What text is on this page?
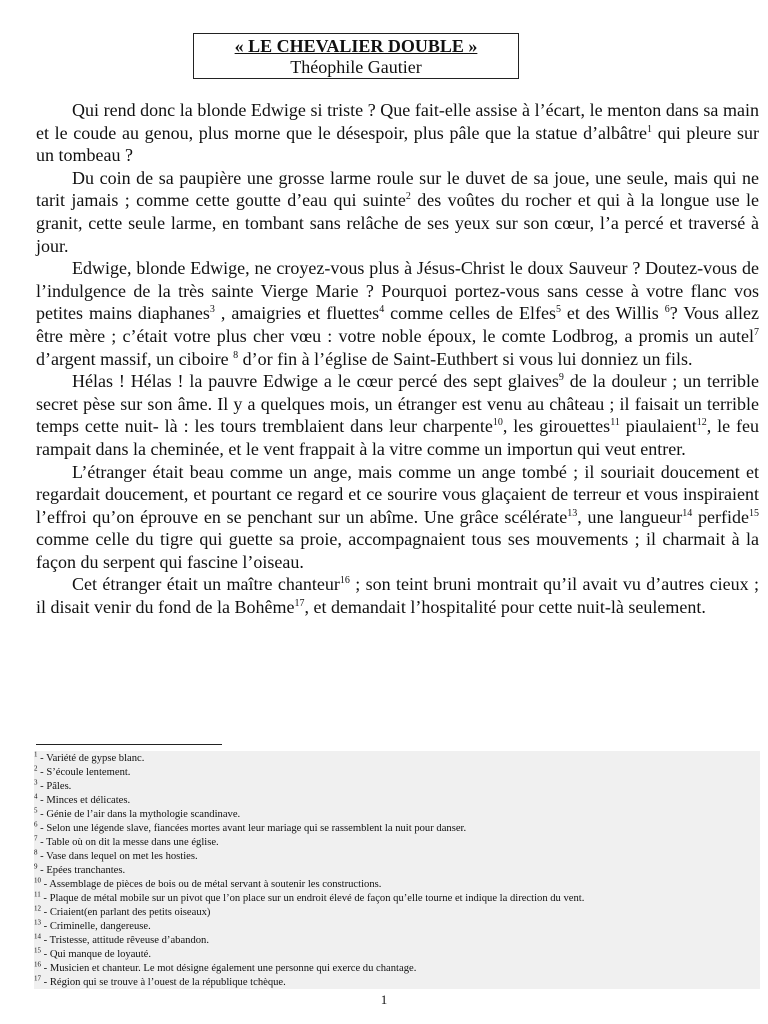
« LE CHEVALIER DOUBLE »
Théophile Gautier

Qui rend donc la blonde Edwige si triste ? Que fait-elle assise à l’écart, le menton dans sa main et le coude au genou, plus morne que le désespoir, plus pâle que la statue d’albâtre$^1$ qui pleure sur un tombeau ?

Du coin de sa paupière une grosse larme roule sur le duvet de sa joue, une seule, mais qui ne tarit jamais ; comme cette goutte d’eau qui suinte$^2$ des voûtes du rocher et qui à la longue use le granit, cette seule larme, en tombant sans relâche de ses yeux sur son cœur, l’a percé et traversé à jour.

Edwige, blonde Edwige, ne croyez-vous plus à Jésus-Christ le doux Sauveur ? Doutez-vous de l’indulgence de la très sainte Vierge Marie ? Pourquoi portez-vous sans cesse à votre flanc vos petites mains diaphanes$^3$ , amaigries et fluettes$^4$ comme celles de Elfes$^5$ et des Willis $^6$? Vous allez être mère ; c’était votre plus cher vœu : votre noble époux, le comte Lodbrog, a promis un autel$^7$ d’argent massif, un ciboire $^8$ d’or fin à l’église de Saint-Euthbert si vous lui donniez un fils.

Hélas ! Hélas ! la pauvre Edwige a le cœur percé des sept glaives$^9$ de la douleur ; un terrible secret pèse sur son âme. Il y a quelques mois, un étranger est venu au château ; il faisait un terrible temps cette nuit- là : les tours tremblaient dans leur charpente$^{10}$, les girouettes$^{11}$ piaulaient$^{12}$, le feu rampait dans la cheminée, et le vent frappait à la vitre comme un importun qui veut entrer.

L’étranger était beau comme un ange, mais comme un ange tombé ; il souriait doucement et regardait doucement, et pourtant ce regard et ce sourire vous glaçaient de terreur et vous inspiraient l’effroi qu’on éprouve en se penchant sur un abîme. Une grâce scélérate$^{13}$, une langueur$^{14}$ perfide$^{15}$ comme celle du tigre qui guette sa proie, accompagnaient tous ses mouvements ; il charmait à la façon du serpent qui fascine l’oiseau.

Cet étranger était un maître chanteur$^{16}$ ; son teint bruni montrait qu’il avait vu d’autres cieux ; il disait venir du fond de la Bohême$^{17}$, et demandait l’hospitalité pour cette nuit-là seulement.

$^1$ - Variété de gypse blanc.
$^2$ - S’écoule lentement.
$^3$ - Pâles.
$^4$ - Minces et délicates.
$^5$ - Génie de l’air dans la mythologie scandinave.
$^6$ - Selon une légende slave, fiancées mortes avant leur mariage qui se rassemblent la nuit pour danser.
$^7$ - Table où on dit la messe dans une église.
$^8$ - Vase dans lequel on met les hosties.
$^9$ - Epées tranchantes.
$^{10}$ - Assemblage de pièces de bois ou de métal servant à soutenir les constructions.
$^{11}$ - Plaque de métal mobile sur un pivot que l’on place sur un endroit élevé de façon qu’elle tourne et indique la direction du vent.
$^{12}$ - Criaient(en parlant des petits oiseaux)
$^{13}$ - Criminelle, dangereuse.
$^{14}$ - Tristesse, attitude rêveuse d’abandon.
$^{15}$ - Qui manque de loyauté.
$^{16}$ - Musicien et chanteur. Le mot désigne également une personne qui exerce du chantage.
$^{17}$ - Région qui se trouve à l’ouest de la république tchèque.
1
